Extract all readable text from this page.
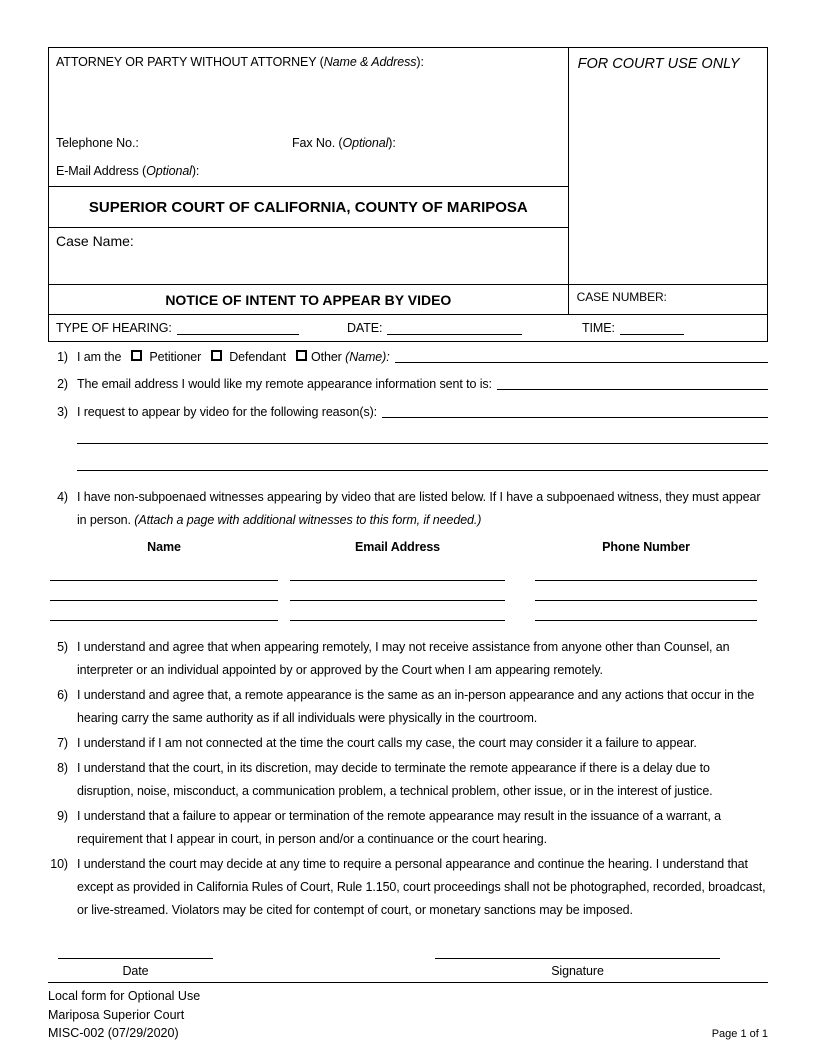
ATTORNEY OR PARTY WITHOUT ATTORNEY (Name & Address):
Telephone No.:	Fax No. (Optional):
E-Mail Address (Optional):
SUPERIOR COURT OF CALIFORNIA, COUNTY OF MARIPOSA
Case Name:
NOTICE OF INTENT TO APPEAR BY VIDEO
FOR COURT USE ONLY
CASE NUMBER:
TYPE OF HEARING:	DATE:	TIME:
1) I am the Petitioner Defendant Other (Name):
2) The email address I would like my remote appearance information sent to is:
3) I request to appear by video for the following reason(s):
4) I have non-subpoenaed witnesses appearing by video that are listed below. If I have a subpoenaed witness, they must appear in person. (Attach a page with additional witnesses to this form, if needed.)
Name	Email Address	Phone Number
5) I understand and agree that when appearing remotely, I may not receive assistance from anyone other than Counsel, an interpreter or an individual appointed by or approved by the Court when I am appearing remotely.
6) I understand and agree that, a remote appearance is the same as an in-person appearance and any actions that occur in the hearing carry the same authority as if all individuals were physically in the courtroom.
7) I understand if I am not connected at the time the court calls my case, the court may consider it a failure to appear.
8) I understand that the court, in its discretion, may decide to terminate the remote appearance if there is a delay due to disruption, noise, misconduct, a communication problem, a technical problem, other issue, or in the interest of justice.
9) I understand that a failure to appear or termination of the remote appearance may result in the issuance of a warrant, a requirement that I appear in court, in person and/or a continuance or the court hearing.
10) I understand the court may decide at any time to require a personal appearance and continue the hearing. I understand that except as provided in California Rules of Court, Rule 1.150, court proceedings shall not be photographed, recorded, broadcast, or live-streamed. Violators may be cited for contempt of court, or monetary sanctions may be imposed.
Date	Signature
Local form for Optional Use
Mariposa Superior Court
MISC-002 (07/29/2020)	Page 1 of 1
